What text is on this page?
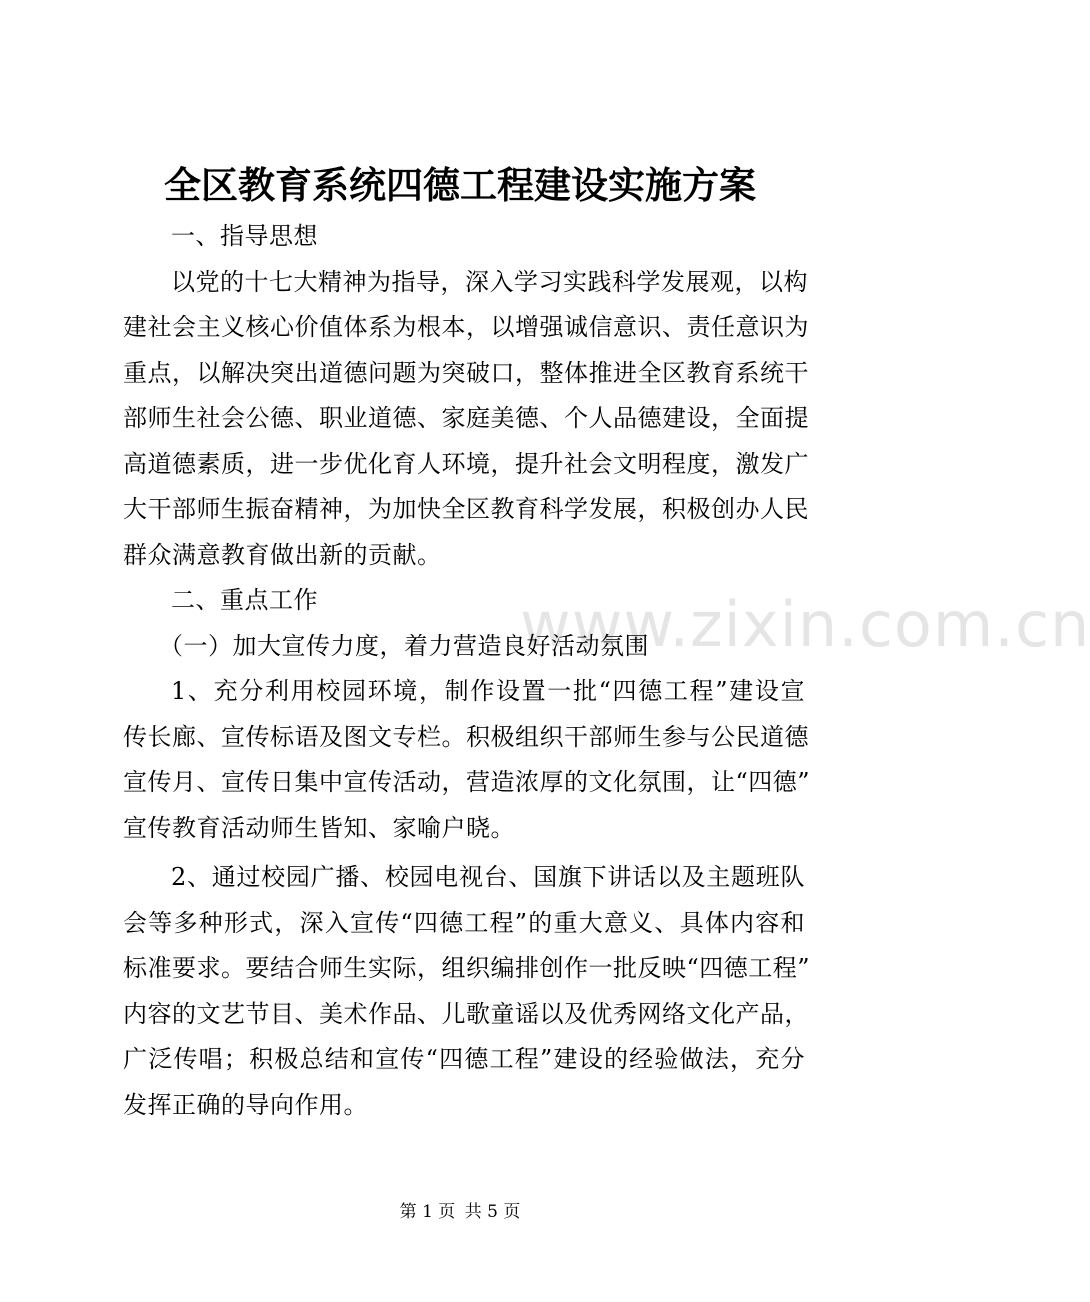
全区教育系统四德工程建设实施方案
www.zixin.com.cn
一、指导思想
以党的十七大精神为指导，深入学习实践科学发展观，以构
建社会主义核心价值体系为根本，以增强诚信意识、责任意识为
重点，以解决突出道德问题为突破口，整体推进全区教育系统干
部师生社会公德、职业道德、家庭美德、个人品德建设，全面提
高道德素质，进一步优化育人环境，提升社会文明程度，激发广
大干部师生振奋精神，为加快全区教育科学发展，积极创办人民
群众满意教育做出新的贡献。
二、重点工作
（一）加大宣传力度，着力营造良好活动氛围
1、充分利用校园环境，制作设置一批“四德工程”建设宣
传长廊、宣传标语及图文专栏。积极组织干部师生参与公民道德
宣传月、宣传日集中宣传活动，营造浓厚的文化氛围，让“四德”
宣传教育活动师生皆知、家喻户晓。
2、通过校园广播、校园电视台、国旗下讲话以及主题班队
会等多种形式，深入宣传“四德工程”的重大意义、具体内容和
标准要求。要结合师生实际，组织编排创作一批反映“四德工程”
内容的文艺节目、美术作品、儿歌童谣以及优秀网络文化产品，
广泛传唱；积极总结和宣传“四德工程”建设的经验做法，充分
发挥正确的导向作用。
第 1 页 共 5 页
